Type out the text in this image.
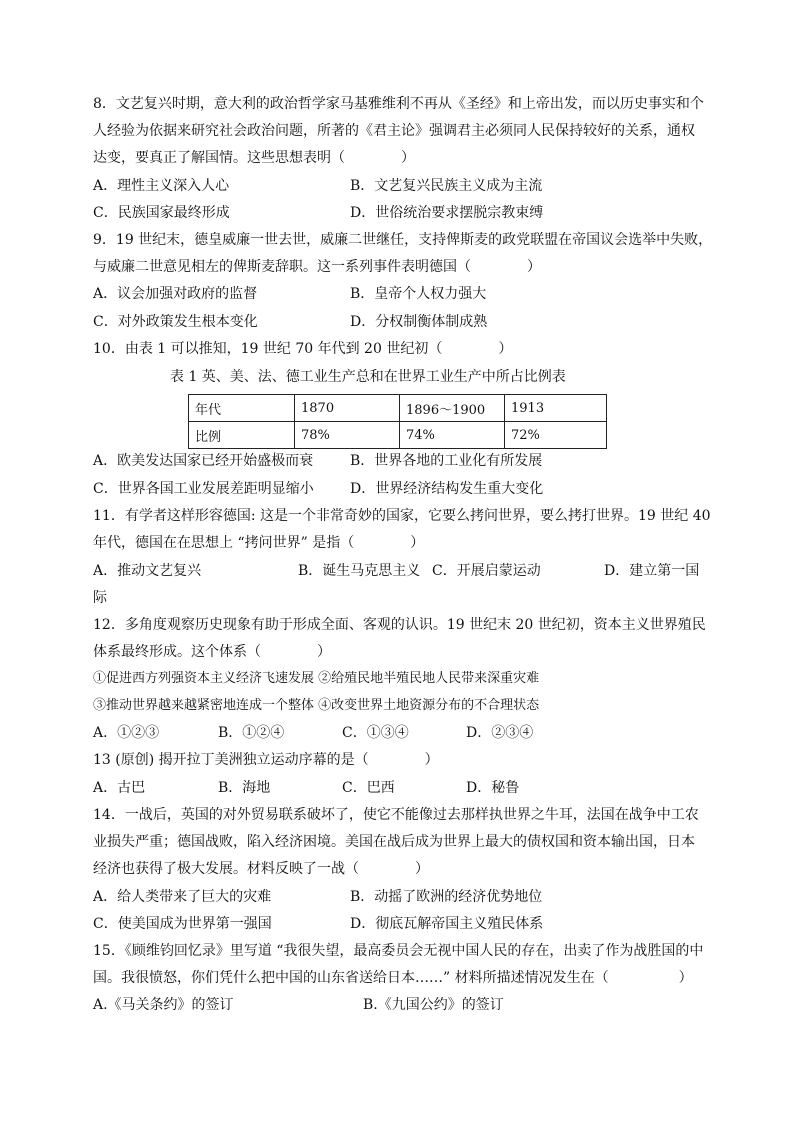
8．文艺复兴时期，意大利的政治哲学家马基雅维利不再从《圣经》和上帝出发，而以历史事实和个
人经验为依据来研究社会政治问题，所著的《君主论》强调君主必须同人民保持较好的关系，通权
达变，要真正了解国情。这些思想表明（　　　　）
A．理性主义深入人心	B．文艺复兴民族主义成为主流
C．民族国家最终形成	D．世俗统治要求摆脱宗教束缚
9．19 世纪末，德皇威廉一世去世，威廉二世继任，支持俾斯麦的政党联盟在帝国议会选举中失败，
与威廉二世意见相左的俾斯麦辞职。这一系列事件表明德国（　　　　）
A．议会加强对政府的监督	B．皇帝个人权力强大
C．对外政策发生根本变化	D．分权制衡体制成熟
10．由表 1 可以推知，19 世纪 70 年代到 20 世纪初（　　　　）
表 1 英、美、法、德工业生产总和在世界工业生产中所占比例表
年代	1870	1896～1900	1913
比例	78%	74%	72%
A．欧美发达国家已经开始盛极而衰	B．世界各地的工业化有所发展
C．世界各国工业发展差距明显缩小	D．世界经济结构发生重大变化
11．有学者这样形容德国: 这是一个非常奇妙的国家，它要么拷问世界，要么拷打世界。19 世纪 40
年代，德国在在思想上 “拷问世界” 是指（　　　　）
A．推动文艺复兴	B．诞生马克思主义 C．开展启蒙运动	D．建立第一国
际
12．多角度观察历史现象有助于形成全面、客观的认识。19 世纪末 20 世纪初，资本主义世界殖民
体系最终形成。这个体系（　　　　）
①促进西方列强资本主义经济飞速发展 ②给殖民地半殖民地人民带来深重灾难
③推动世界越来越紧密地连成一个整体 ④改变世界土地资源分布的不合理状态
A．①②③	B．①②④	C．①③④	D．②③④
13 (原创) 揭开拉丁美洲独立运动序幕的是（　　　　）
A．古巴	B．海地	C．巴西	D．秘鲁
14．一战后，英国的对外贸易联系破坏了，使它不能像过去那样执世界之牛耳，法国在战争中工农
业损失严重；德国战败，陷入经济困境。美国在战后成为世界上最大的债权国和资本输出国，日本
经济也获得了极大发展。材料反映了一战（　　　　）
A．给人类带来了巨大的灾难	B．动摇了欧洲的经济优势地位
C．使美国成为世界第一强国	D．彻底瓦解帝国主义殖民体系
15．《顾维钧回忆录》里写道 “我很失望，最高委员会无视中国人民的存在，出卖了作为战胜国的中
国。我很愤怒，你们凭什么把中国的山东省送给日本……” 材料所描述情况发生在（　　　　　）
A.《马关条约》的签订	B.《九国公约》的签订
